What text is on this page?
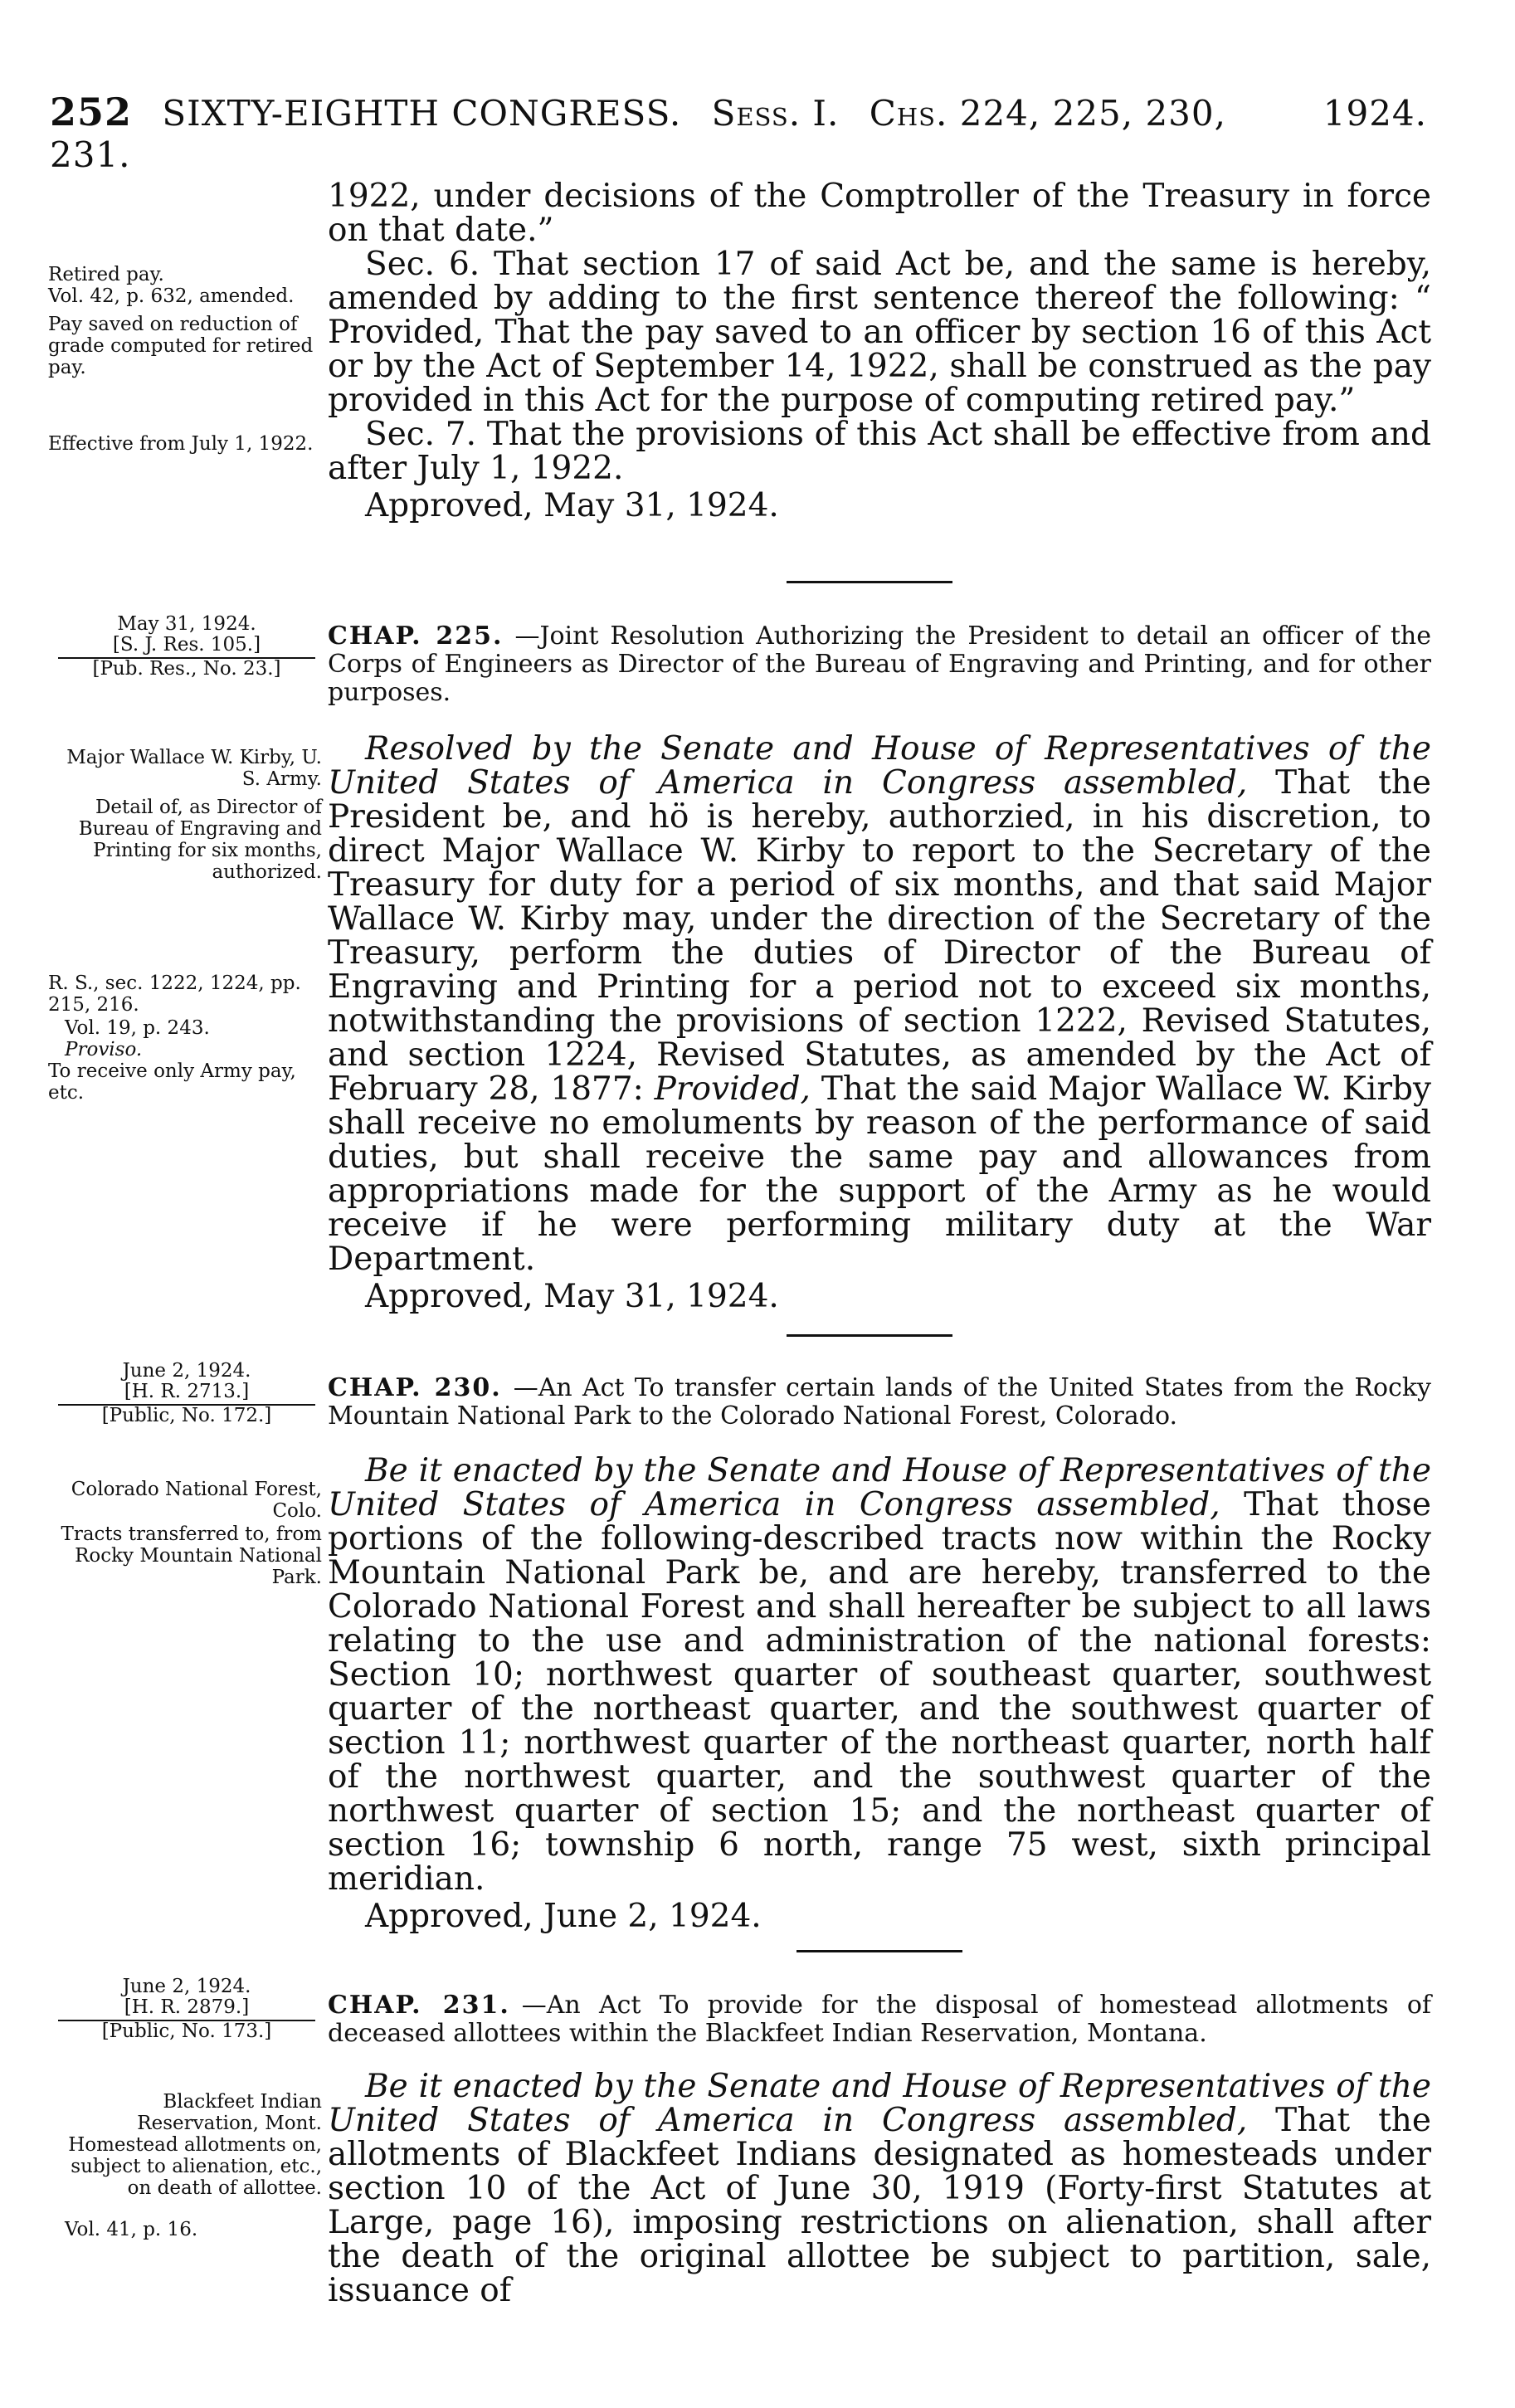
252 SIXTY-EIGHTH CONGRESS. Sess. I. Chs. 224, 225, 230, 231.
1924.

1922, under decisions of the Comptroller of the Treasury in force on that date.”

Sec. 6. That section 17 of said Act be, and the same is hereby, amended by adding to the first sentence thereof the following: “ Provided, That the pay saved to an officer by section 16 of this Act or by the Act of September 14, 1922, shall be construed as the pay provided in this Act for the purpose of computing retired pay.”

Sec. 7. That the provisions of this Act shall be effective from and after July 1, 1922.

Approved, May 31, 1924.

Retired pay.
Vol. 42, p. 632, amended.
Pay saved on reduction of grade computed for retired pay.
Effective from July 1, 1922.
May 31, 1924.
[S. J. Res. 105.]
[Pub. Res., No. 23.]
CHAP. 225. —Joint Resolution Authorizing the President to detail an officer of the Corps of Engineers as Director of the Bureau of Engraving and Printing, and for other purposes.

Resolved by the Senate and House of Representatives of the United States of America in Congress assembled, That the President be, and hö is hereby, authorzied, in his discretion, to direct Major Wallace W. Kirby to report to the Secretary of the Treasury for duty for a period of six months, and that said Major Wallace W. Kirby may, under the direction of the Secretary of the Treasury, perform the duties of Director of the Bureau of Engraving and Printing for a period not to exceed six months, notwithstanding the provisions of section 1222, Revised Statutes, and section 1224, Revised Statutes, as amended by the Act of February 28, 1877: Provided, That the said Major Wallace W. Kirby shall receive no emoluments by reason of the performance of said duties, but shall receive the same pay and allowances from appropriations made for the support of the Army as he would receive if he were performing military duty at the War Department.

Approved, May 31, 1924.

Major Wallace W. Kirby, U. S. Army.
Detail of, as Director of Bureau of Engraving and Printing for six months, authorized.
R. S., sec. 1222, 1224, pp. 215, 216.
Vol. 19, p. 243.
Proviso.
To receive only Army pay, etc.
June 2, 1924.
[H. R. 2713.]
[Public, No. 172.]
CHAP. 230. —An Act To transfer certain lands of the United States from the Rocky Mountain National Park to the Colorado National Forest, Colorado.

Be it enacted by the Senate and House of Representatives of the United States of America in Congress assembled, That those portions of the following-described tracts now within the Rocky Mountain National Park be, and are hereby, transferred to the Colorado National Forest and shall hereafter be subject to all laws relating to the use and administration of the national forests: Section 10; northwest quarter of southeast quarter, southwest quarter of the northeast quarter, and the southwest quarter of section 11; northwest quarter of the northeast quarter, north half of the northwest quarter, and the southwest quarter of the northwest quarter of section 15; and the northeast quarter of section 16; township 6 north, range 75 west, sixth principal meridian.

Approved, June 2, 1924.

Colorado National Forest, Colo.
Tracts transferred to, from Rocky Mountain National Park.
June 2, 1924.
[H. R. 2879.]
[Public, No. 173.]
CHAP. 231. —An Act To provide for the disposal of homestead allotments of deceased allottees within the Blackfeet Indian Reservation, Montana.

Be it enacted by the Senate and House of Representatives of the United States of America in Congress assembled, That the allotments of Blackfeet Indians designated as homesteads under section 10 of the Act of June 30, 1919 (Forty-first Statutes at Large, page 16), imposing restrictions on alienation, shall after the death of the original allottee be subject to partition, sale, issuance of

Blackfeet Indian Reservation, Mont.
Homestead allotments on, subject to alienation, etc., on death of allottee.
Vol. 41, p. 16.
